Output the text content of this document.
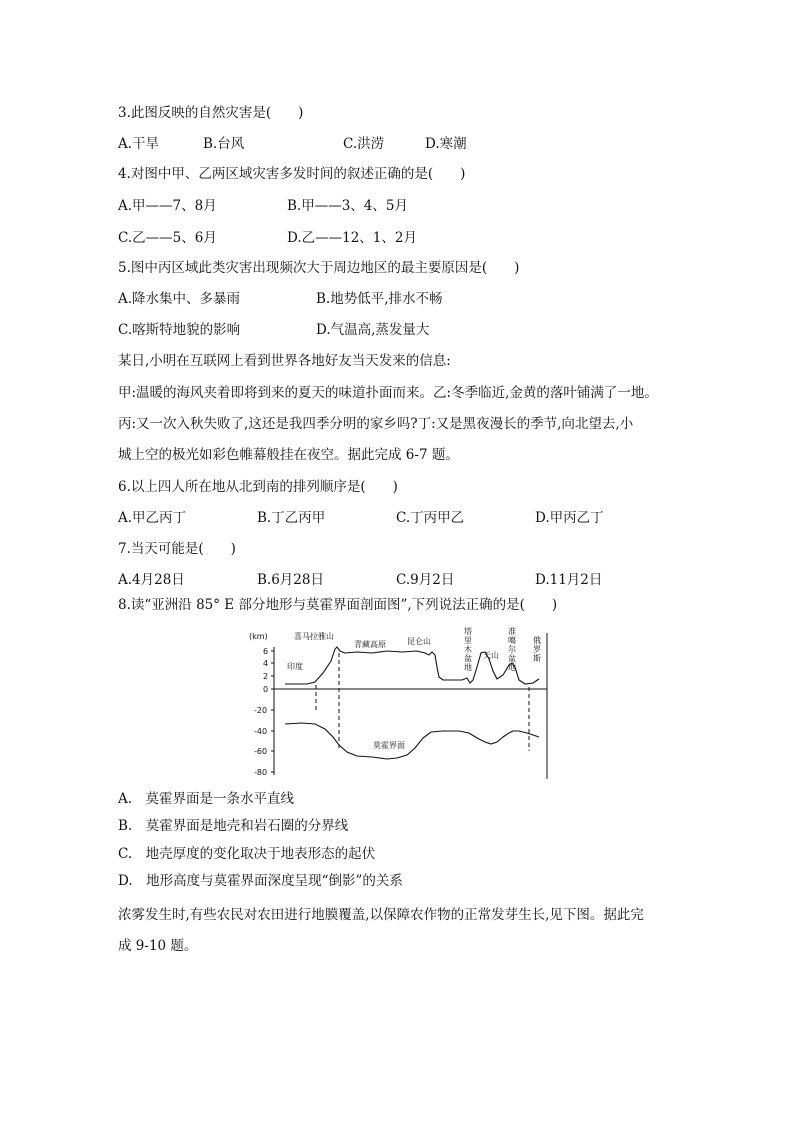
3.此图反映的自然灾害是(　　)
A.干旱	B.台风	C.洪涝	D.寒潮
4.对图中甲、乙两区域灾害多发时间的叙述正确的是(　　)
A.甲——7、8月	B.甲——3、4、5月
C.乙——5、6月	D.乙——12、1、2月
5.图中丙区域此类灾害出现频次大于周边地区的最主要原因是(　　)
A.降水集中、多暴雨	B.地势低平,排水不畅
C.喀斯特地貌的影响	D.气温高,蒸发量大
某日,小明在互联网上看到世界各地好友当天发来的信息:
甲:温暖的海风夹着即将到来的夏天的味道扑面而来。乙:冬季临近,金黄的落叶铺满了一地。
丙:又一次入秋失败了,这还是我四季分明的家乡吗?丁:又是黑夜漫长的季节,向北望去,小
城上空的极光如彩色帷幕般挂在夜空。据此完成 6-7 题。
6.以上四人所在地从北到南的排列顺序是(　　)
A.甲乙丙丁	B.丁乙丙甲	C.丁丙甲乙	D.甲丙乙丁
7.当天可能是(　　)
A.4月28日	B.6月28日	C.9月2日	D.11月2日
8.读“亚洲沿 85° E 部分地形与莫霍界面剖面图”,下列说法正确的是(　　)
(km)
6
4
2
0
-20
-40
-60
-80
喜马拉雅山
印度
青藏高原	昆仑山
塔
里
木
盆
地
天山
准
噶
尔
盆
地
俄
罗
斯
莫霍界面
A.　莫霍界面是一条水平直线
B.　莫霍界面是地壳和岩石圈的分界线
C.　地壳厚度的变化取决于地表形态的起伏
D.　地形高度与莫霍界面深度呈现“倒影”的关系
浓雾发生时,有些农民对农田进行地膜覆盖,以保障农作物的正常发芽生长,见下图。据此完
成 9-10 题。
